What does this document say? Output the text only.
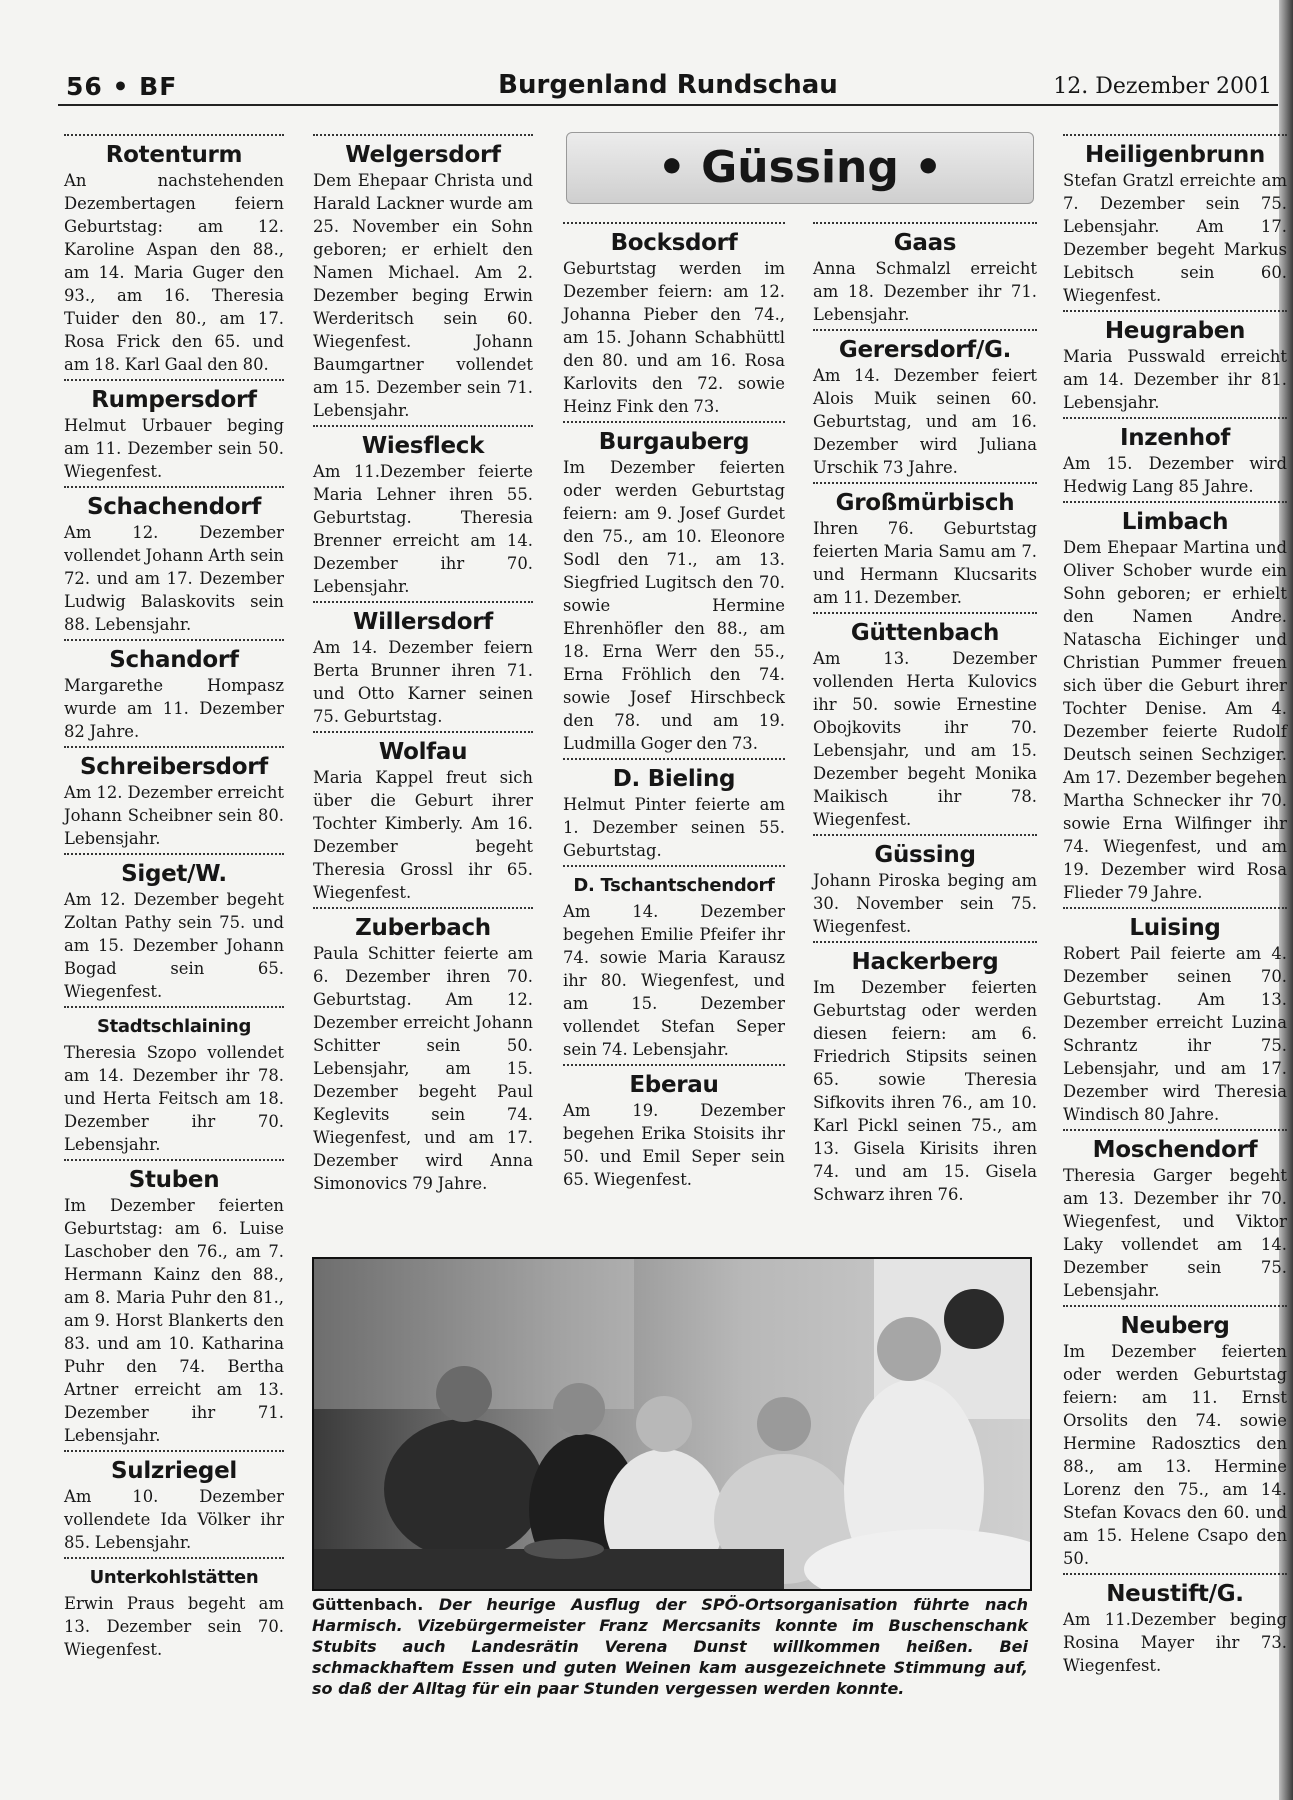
56 • BF	Burgenland Rundschau	12. Dezember 2001
Rotenturm

An nachstehenden Dezembertagen feiern Geburtstag: am 12. Karoline Aspan den 88., am 14. Maria Guger den 93., am 16. Theresia Tuider den 80., am 17. Rosa Frick den 65. und am 18. Karl Gaal den 80.

Rumpersdorf

Helmut Urbauer beging am 11. Dezember sein 50. Wiegenfest.

Schachendorf

Am 12. Dezember vollendet Johann Arth sein 72. und am 17. Dezember Ludwig Balaskovits sein 88. Lebensjahr.

Schandorf

Margarethe Hompasz wurde am 11. Dezember 82 Jahre.

Schreibersdorf

Am 12. Dezember erreicht Johann Scheibner sein 80. Lebensjahr.

Siget/W.

Am 12. Dezember begeht Zoltan Pathy sein 75. und am 15. Dezember Johann Bogad sein 65. Wiegenfest.

Stadtschlaining

Theresia Szopo vollendet am 14. Dezember ihr 78. und Herta Feitsch am 18. Dezember ihr 70. Lebensjahr.

Stuben

Im Dezember feierten Geburtstag: am 6. Luise Laschober den 76., am 7. Hermann Kainz den 88., am 8. Maria Puhr den 81., am 9. Horst Blankerts den 83. und am 10. Katharina Puhr den 74. Bertha Artner erreicht am 13. Dezember ihr 71. Lebensjahr.

Sulzriegel

Am 10. Dezember vollendete Ida Völker ihr 85. Lebensjahr.

Unterkohlstätten

Erwin Praus begeht am 13. Dezember sein 70. Wiegenfest.

Welgersdorf

Dem Ehepaar Christa und Harald Lackner wurde am 25. November ein Sohn geboren; er erhielt den Namen Michael. Am 2. Dezember beging Erwin Werderitsch sein 60. Wiegenfest. Johann Baumgartner vollendet am 15. Dezember sein 71. Lebensjahr.

Wiesfleck

Am 11.Dezember feierte Maria Lehner ihren 55. Geburtstag. Theresia Brenner erreicht am 14. Dezember ihr 70. Lebensjahr.

Willersdorf

Am 14. Dezember feiern Berta Brunner ihren 71. und Otto Karner seinen 75. Geburtstag.

Wolfau

Maria Kappel freut sich über die Geburt ihrer Tochter Kimberly. Am 16. Dezember begeht Theresia Grossl ihr 65. Wiegenfest.

Zuberbach

Paula Schitter feierte am 6. Dezember ihren 70. Geburtstag. Am 12. Dezember erreicht Johann Schitter sein 50. Lebensjahr, am 15. Dezember begeht Paul Keglevits sein 74. Wiegenfest, und am 17. Dezember wird Anna Simonovics 79 Jahre.

• Güssing •
Bocksdorf

Geburtstag werden im Dezember feiern: am 12. Johanna Pieber den 74., am 15. Johann Schabhüttl den 80. und am 16. Rosa Karlovits den 72. sowie Heinz Fink den 73.

Burgauberg

Im Dezember feierten oder werden Geburtstag feiern: am 9. Josef Gurdet den 75., am 10. Eleonore Sodl den 71., am 13. Siegfried Lugitsch den 70. sowie Hermine Ehrenhöfler den 88., am 18. Erna Werr den 55., Erna Fröhlich den 74. sowie Josef Hirschbeck den 78. und am 19. Ludmilla Goger den 73.

D. Bieling

Helmut Pinter feierte am 1. Dezember seinen 55. Geburtstag.

D. Tschantschendorf

Am 14. Dezember begehen Emilie Pfeifer ihr 74. sowie Maria Karausz ihr 80. Wiegenfest, und am 15. Dezember vollendet Stefan Seper sein 74. Lebensjahr.

Eberau

Am 19. Dezember begehen Erika Stoisits ihr 50. und Emil Seper sein 65. Wiegenfest.

Gaas

Anna Schmalzl erreicht am 18. Dezember ihr 71. Lebensjahr.

Gerersdorf/G.

Am 14. Dezember feiert Alois Muik seinen 60. Geburtstag, und am 16. Dezember wird Juliana Urschik 73 Jahre.

Großmürbisch

Ihren 76. Geburtstag feierten Maria Samu am 7. und Hermann Klucsarits am 11. Dezember.

Güttenbach

Am 13. Dezember vollenden Herta Kulovics ihr 50. sowie Ernestine Obojkovits ihr 70. Lebensjahr, und am 15. Dezember begeht Monika Maikisch ihr 78. Wiegenfest.

Güssing

Johann Piroska beging am 30. November sein 75. Wiegenfest.

Hackerberg

Im Dezember feierten Geburtstag oder werden diesen feiern: am 6. Friedrich Stipsits seinen 65. sowie Theresia Sifkovits ihren 76., am 10. Karl Pickl seinen 75., am 13. Gisela Kirisits ihren 74. und am 15. Gisela Schwarz ihren 76.

Heiligenbrunn

Stefan Gratzl erreichte am 7. Dezember sein 75. Lebensjahr. Am 17. Dezember begeht Markus Lebitsch sein 60. Wiegenfest.

Heugraben

Maria Pusswald erreicht am 14. Dezember ihr 81. Lebensjahr.

Inzenhof

Am 15. Dezember wird Hedwig Lang 85 Jahre.

Limbach

Dem Ehepaar Martina und Oliver Schober wurde ein Sohn geboren; er erhielt den Namen Andre. Natascha Eichinger und Christian Pummer freuen sich über die Geburt ihrer Tochter Denise. Am 4. Dezember feierte Rudolf Deutsch seinen Sechziger. Am 17. Dezember begehen Martha Schnecker ihr 70. sowie Erna Wilfinger ihr 74. Wiegenfest, und am 19. Dezember wird Rosa Flieder 79 Jahre.

Luising

Robert Pail feierte am 4. Dezember seinen 70. Geburtstag. Am 13. Dezember erreicht Luzina Schrantz ihr 75. Lebensjahr, und am 17. Dezember wird Theresia Windisch 80 Jahre.

Moschendorf

Theresia Garger begeht am 13. Dezember ihr 70. Wiegenfest, und Viktor Laky vollendet am 14. Dezember sein 75. Lebensjahr.

Neuberg

Im Dezember feierten oder werden Geburtstag feiern: am 11. Ernst Orsolits den 74. sowie Hermine Radosztics den 88., am 13. Hermine Lorenz den 75., am 14. Stefan Kovacs den 60. und am 15. Helene Csapo den 50.

Neustift/G.

Am 11.Dezember beging Rosina Mayer ihr 73. Wiegenfest.

Güttenbach. Der heurige Ausflug der SPÖ-Ortsorganisation führte nach Harmisch. Vizebürgermeister Franz Mercsanits konnte im Buschenschank Stubits auch Landesrätin Verena Dunst willkommen heißen. Bei schmackhaftem Essen und guten Weinen kam ausgezeichnete Stimmung auf, so daß der Alltag für ein paar Stunden vergessen werden konnte.
